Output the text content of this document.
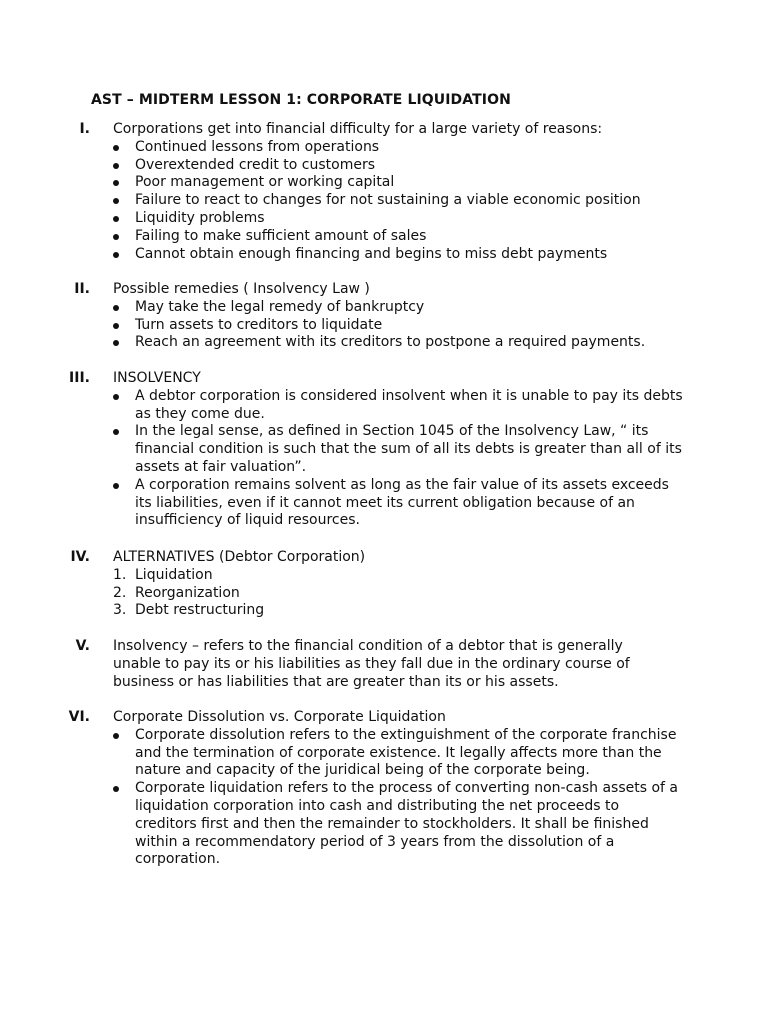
AST – MIDTERM LESSON 1: CORPORATE LIQUIDATION
I. Corporations get into financial difficulty for a large variety of reasons:
Continued lessons from operations
Overextended credit to customers
Poor management or working capital
Failure to react to changes for not sustaining a viable economic position
Liquidity problems
Failing to make sufficient amount of sales
Cannot obtain enough financing and begins to miss debt payments
II. Possible remedies ( Insolvency Law )
May take the legal remedy of bankruptcy
Turn assets to creditors to liquidate
Reach an agreement with its creditors to postpone a required payments.
III. INSOLVENCY
A debtor corporation is considered insolvent when it is unable to pay its debts as they come due.
In the legal sense, as defined in Section 1045 of the Insolvency Law, “ its financial condition is such that the sum of all its debts is greater than all of its assets at fair valuation”.
A corporation remains solvent as long as the fair value of its assets exceeds its liabilities, even if it cannot meet its current obligation because of an insufficiency of liquid resources.
IV. ALTERNATIVES (Debtor Corporation)
1. Liquidation
2. Reorganization
3. Debt restructuring
V. Insolvency – refers to the financial condition of a debtor that is generally unable to pay its or his liabilities as they fall due in the ordinary course of business or has liabilities that are greater than its or his assets.
VI. Corporate Dissolution vs. Corporate Liquidation
Corporate dissolution refers to the extinguishment of the corporate franchise and the termination of corporate existence. It legally affects more than the nature and capacity of the juridical being of the corporate being.
Corporate liquidation refers to the process of converting non-cash assets of a liquidation corporation into cash and distributing the net proceeds to creditors first and then the remainder to stockholders. It shall be finished within a recommendatory period of 3 years from the dissolution of a corporation.
